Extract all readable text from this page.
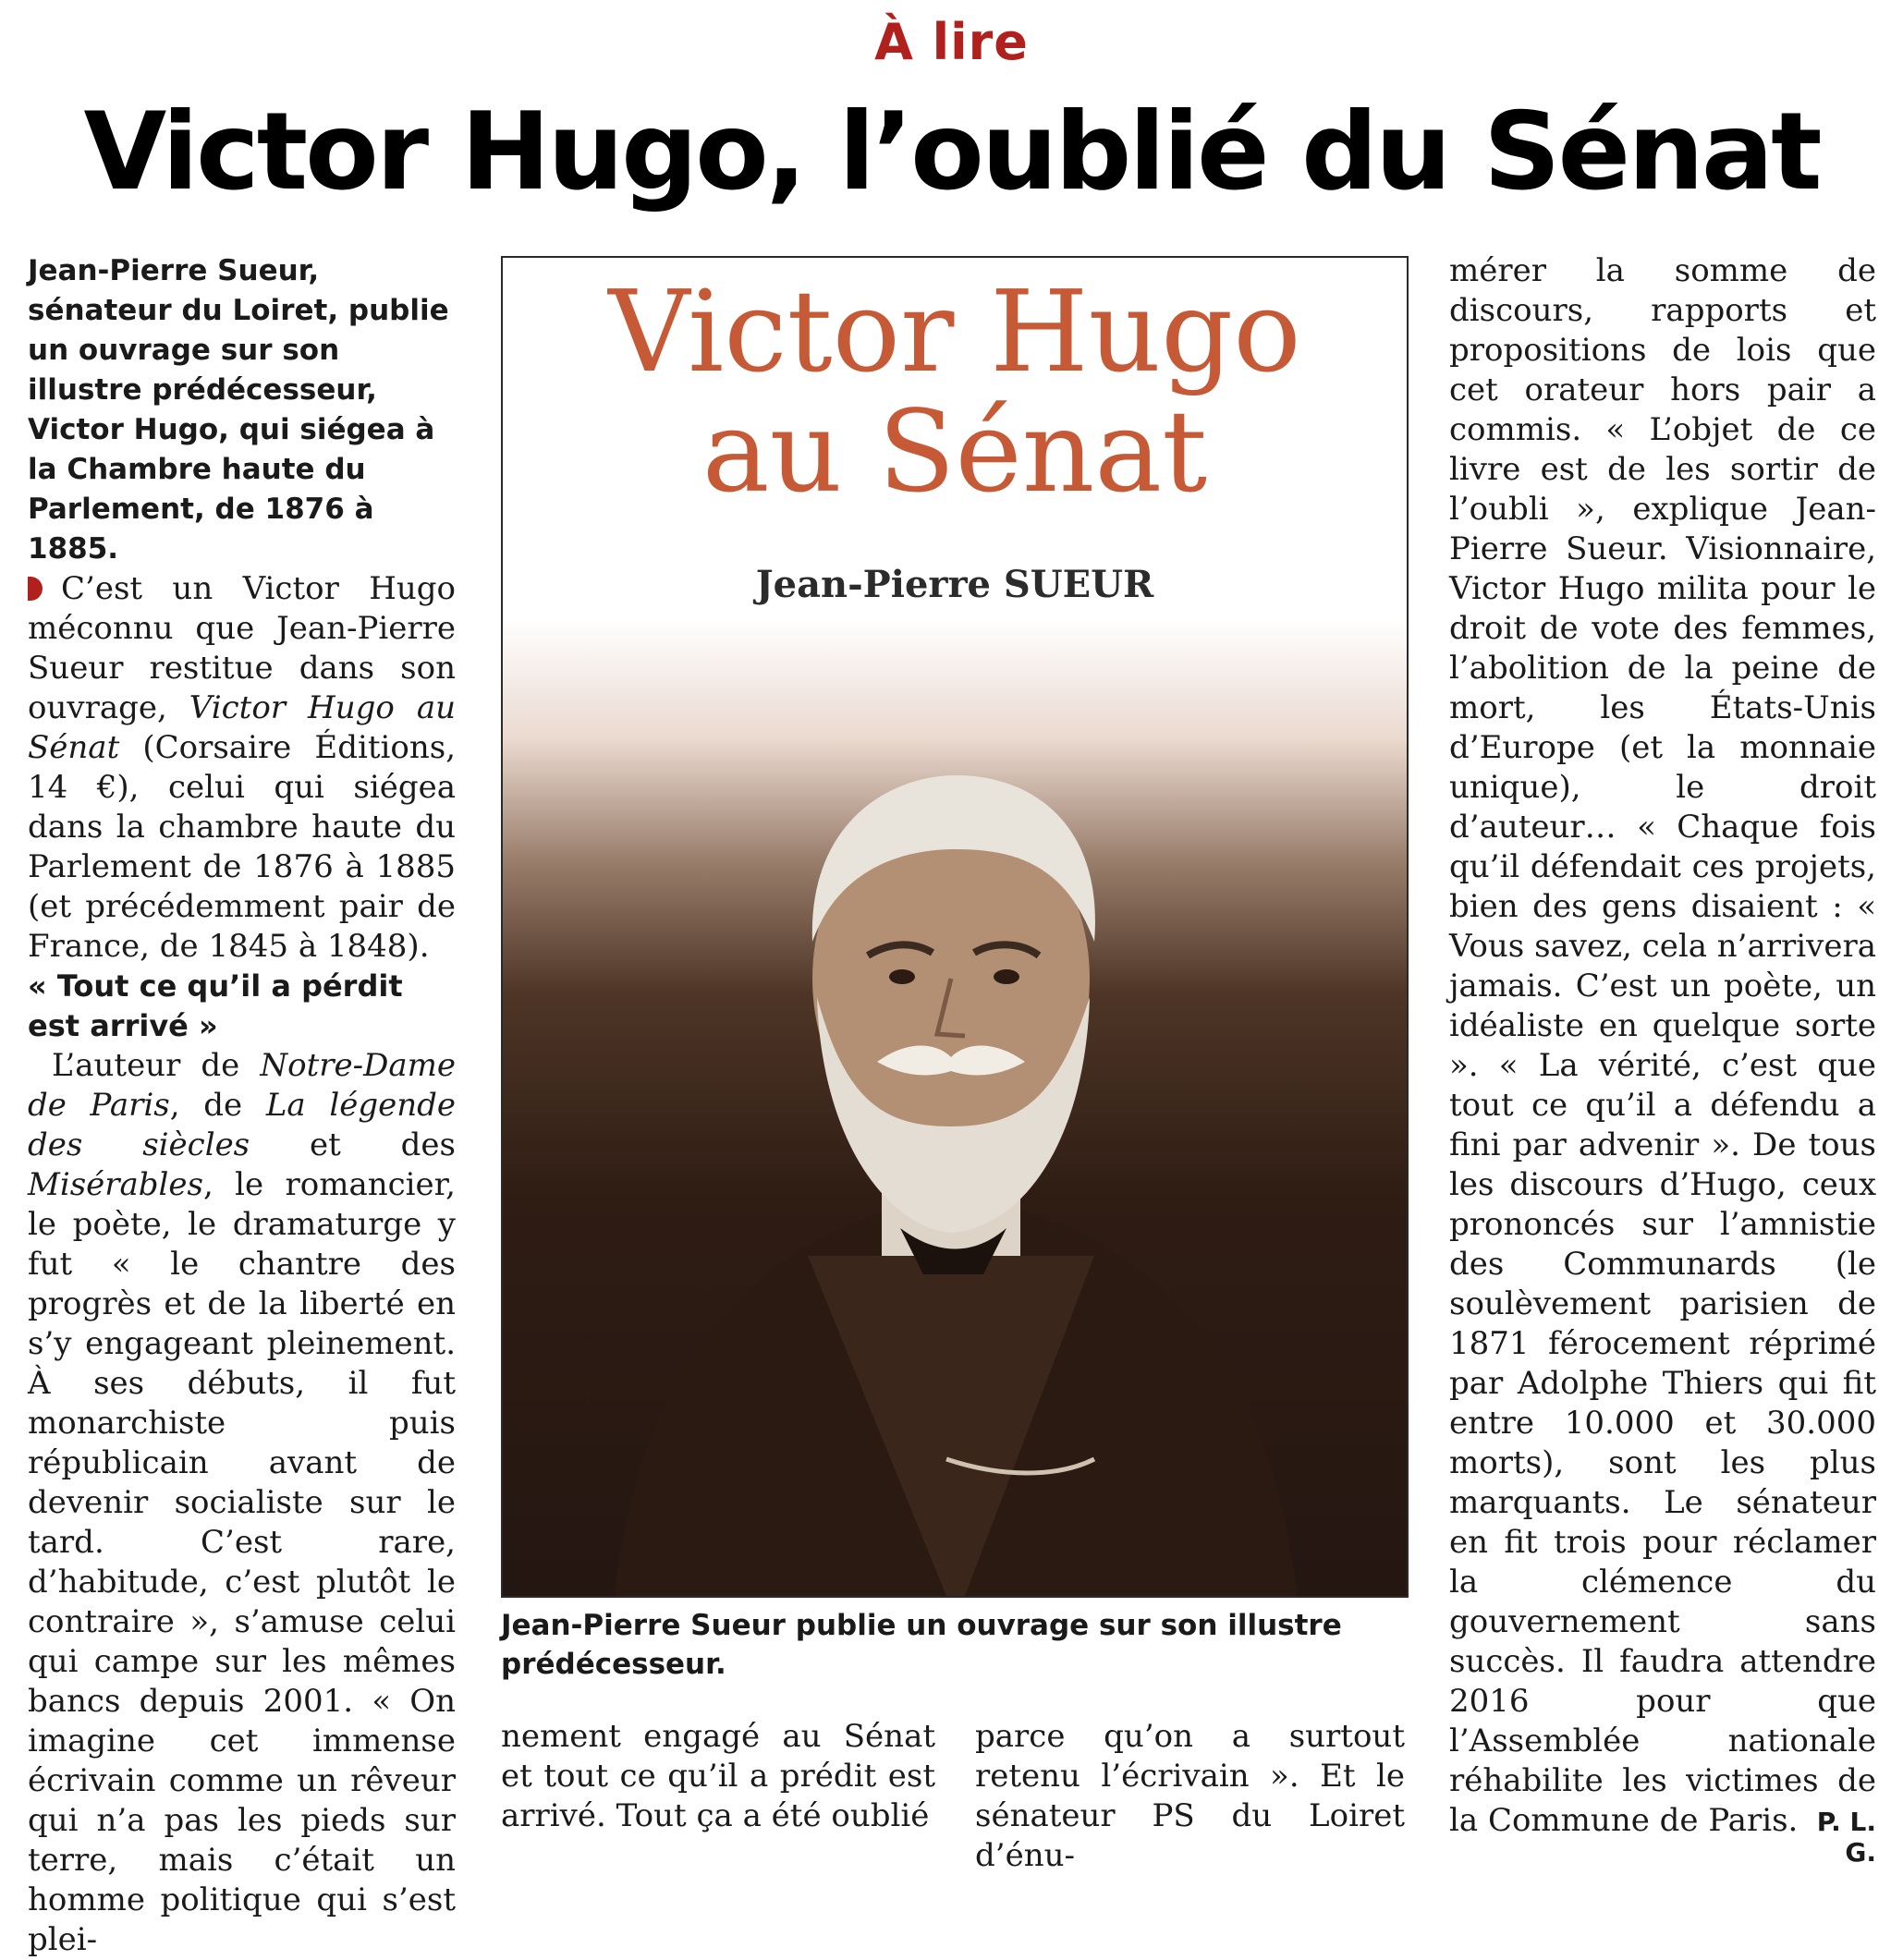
À lire
Victor Hugo, l’oublié du Sénat

Jean-Pierre Sueur, sénateur du Loiret, publie un ouvrage sur son illustre prédécesseur, Victor Hugo, qui siégea à la Chambre haute du Parlement, de 1876 à 1885.

C’est un Victor Hugo méconnu que Jean-Pierre Sueur restitue dans son ouvrage, Victor Hugo au Sénat (Corsaire Éditions, 14 €), celui qui siégea dans la chambre haute du Parlement de 1876 à 1885 (et précédemment pair de France, de 1845 à 1848).

« Tout ce qu’il a pérdit est arrivé »

L’auteur de Notre-Dame de Paris, de La légende des siècles et des Misérables, le romancier, le poète, le dramaturge y fut « le chantre des progrès et de la liberté en s’y engageant pleinement. À ses débuts, il fut monarchiste puis républicain avant de devenir socialiste sur le tard. C’est rare, d’habitude, c’est plutôt le contraire », s’amuse celui qui campe sur les mêmes bancs depuis 2001. « On imagine cet immense écrivain comme un rêveur qui n’a pas les pieds sur terre, mais c’était un homme politique qui s’est plei-

Victor Hugo
au Sénat
Jean-Pierre SUEUR
Jean-Pierre Sueur publie un ouvrage sur son illustre prédécesseur.

nement engagé au Sénat et tout ce qu’il a prédit est arrivé. Tout ça a été oublié

parce qu’on a surtout retenu l’écrivain ». Et le sénateur PS du Loiret d’énu-

mérer la somme de discours, rapports et propositions de lois que cet orateur hors pair a commis. « L’objet de ce livre est de les sortir de l’oubli », explique Jean-Pierre Sueur. Visionnaire, Victor Hugo milita pour le droit de vote des femmes, l’abolition de la peine de mort, les États-Unis d’Europe (et la monnaie unique), le droit d’auteur… « Chaque fois qu’il défendait ces projets, bien des gens disaient : « Vous savez, cela n’arrivera jamais. C’est un poète, un idéaliste en quelque sorte ». « La vérité, c’est que tout ce qu’il a défendu a fini par advenir ». De tous les discours d’Hugo, ceux prononcés sur l’amnistie des Communards (le soulèvement parisien de 1871 férocement réprimé par Adolphe Thiers qui fit entre 10.000 et 30.000 morts), sont les plus marquants. Le sénateur en fit trois pour réclamer la clémence du gouvernement sans succès. Il faudra attendre 2016 pour que l’Assemblée nationale réhabilite les victimes de la Commune de Paris. P. L. G.
